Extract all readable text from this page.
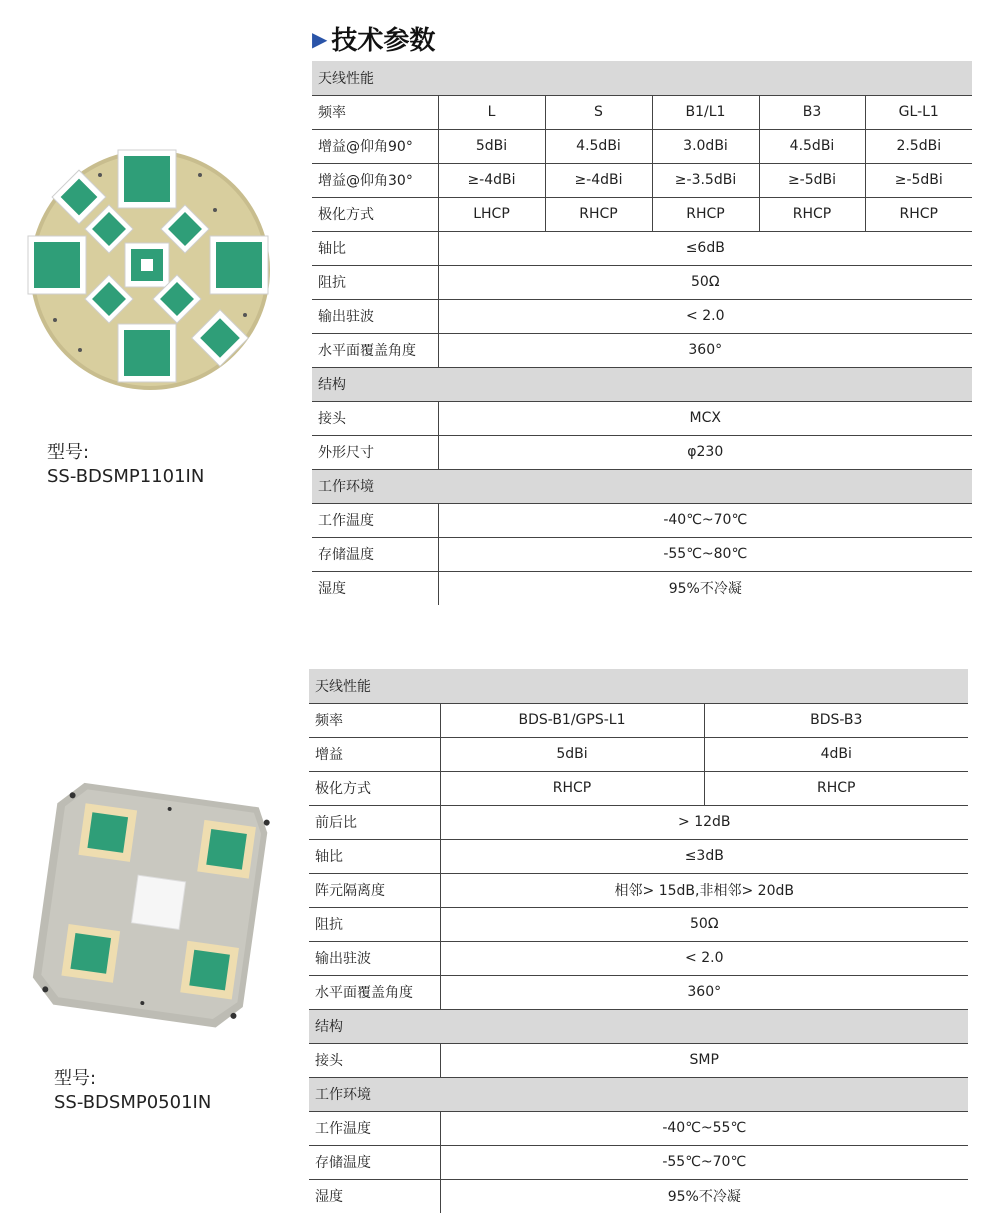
▶ 技术参数
型号:
SS-BDSMP1101IN
天线性能					
频率	L	S	B1/L1	B3	GL-L1
增益@仰角90°	5dBi	4.5dBi	3.0dBi	4.5dBi	2.5dBi
增益@仰角30°	≥-4dBi	≥-4dBi	≥-3.5dBi	≥-5dBi	≥-5dBi
极化方式	LHCP	RHCP	RHCP	RHCP	RHCP
轴比	≤6dB				
阻抗	50Ω				
输出驻波	< 2.0				
水平面覆盖角度	360°				
结构					
接头	MCX				
外形尺寸	φ230				
工作环境					
工作温度	-40℃~70℃				
存储温度	-55℃~80℃				
湿度	95%不冷凝				
型号:
SS-BDSMP0501IN
天线性能		
频率	BDS-B1/GPS-L1	BDS-B3
增益	5dBi	4dBi
极化方式	RHCP	RHCP
前后比	> 12dB	
轴比	≤3dB	
阵元隔离度	相邻> 15dB,非相邻> 20dB	
阻抗	50Ω	
输出驻波	< 2.0	
水平面覆盖角度	360°	
结构		
接头	SMP	
工作环境		
工作温度	-40℃~55℃	
存储温度	-55℃~70℃	
湿度	95%不冷凝	
